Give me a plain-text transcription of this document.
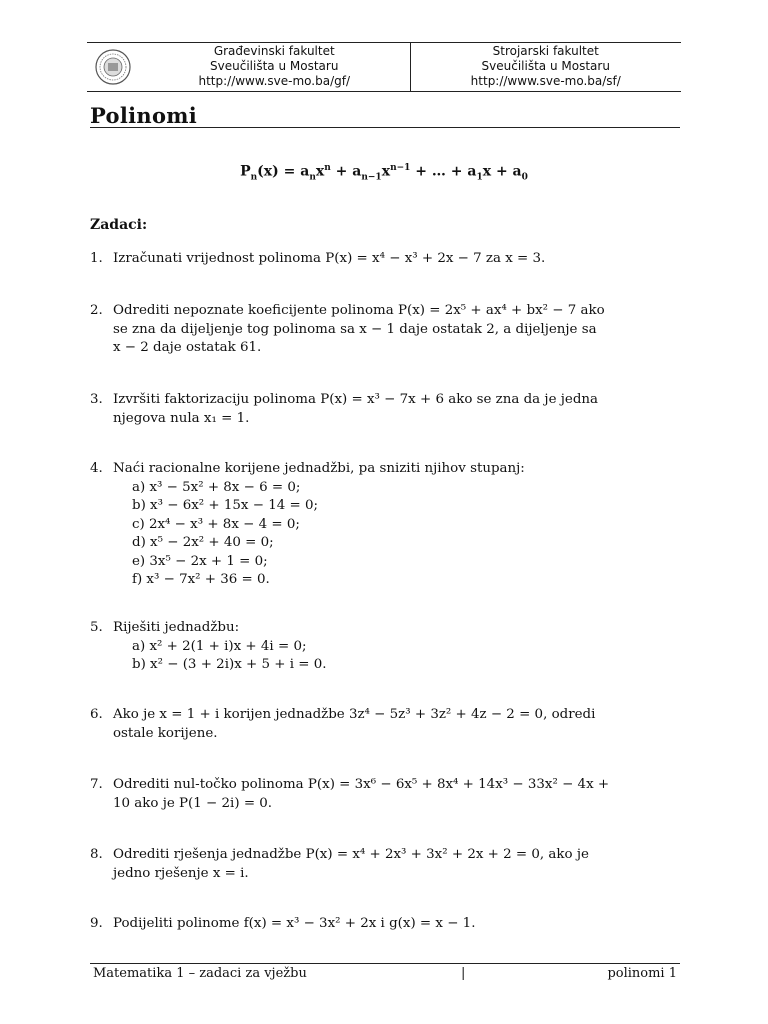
Građevinski fakultet
Sveučilišta u Mostaru
http://www.sve-mo.ba/gf/
Strojarski fakultet
Sveučilišta u Mostaru
http://www.sve-mo.ba/sf/
Polinomi
$P_n(x) = a_nx^n + a_{n-1}x^{n-1}$ + … + $a_1x + a_0$
Zadaci:
1. Izračunati vrijednost polinoma P(x) = x⁴ − x³ + 2x − 7 za x = 3.
2. Odrediti nepoznate koeficijente polinoma P(x) = 2x⁵ + ax⁴ + bx² − 7 ako
se zna da dijeljenje tog polinoma sa x − 1 daje ostatak 2, a dijeljenje sa
x − 2 daje ostatak 61.
3. Izvršiti faktorizaciju polinoma P(x) = x³ − 7x + 6 ako se zna da je jedna
njegova nula x₁ = 1.
4. Naći racionalne korijene jednadžbi, pa sniziti njihov stupanj:
a) x³ − 5x² + 8x − 6 = 0;
b) x³ − 6x² + 15x − 14 = 0;
c) 2x⁴ − x³ + 8x − 4 = 0;
d) x⁵ − 2x² + 40 = 0;
e) 3x⁵ − 2x + 1 = 0;
f) x³ − 7x² + 36 = 0.
5. Riješiti jednadžbu:
a) x² + 2(1 + i)x + 4i = 0;
b) x² − (3 + 2i)x + 5 + i = 0.
6. Ako je x = 1 + i korijen jednadžbe 3z⁴ − 5z³ + 3z² + 4z − 2 = 0, odredi
ostale korijene.
7. Odrediti nul-točko polinoma P(x) = 3x⁶ − 6x⁵ + 8x⁴ + 14x³ − 33x² − 4x +
10 ako je P(1 − 2i) = 0.
8. Odrediti rješenja jednadžbe P(x) = x⁴ + 2x³ + 3x² + 2x + 2 = 0, ako je
jedno rješenje x = i.
9. Podijeliti polinome f(x) = x³ − 3x² + 2x i g(x) = x − 1.
Matematika 1 – zadaci za vježbu	|	polinomi 1
